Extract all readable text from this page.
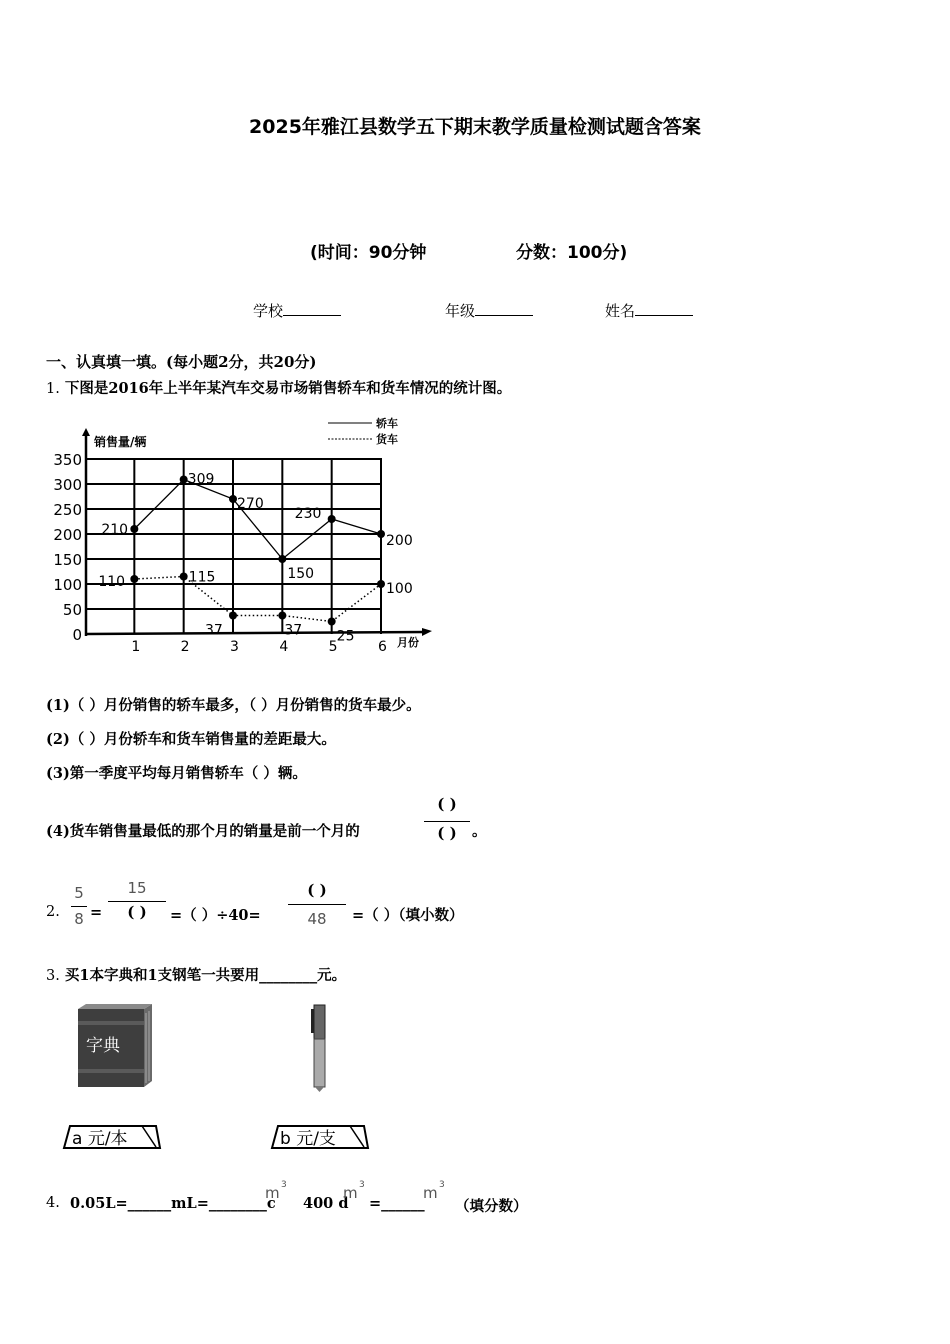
2025年雅江县数学五下期末教学质量检测试题含答案
(时间：90分钟	分数：100分)
学校	年级	姓名
一、认真填一填。(每小题2分，共20分)
1. 下图是2016年上半年某汽车交易市场销售轿车和货车情况的统计图。
0
50
100
150
200
250
300
350
销售量/辆
月份
1	2	3	4	5	6
轿车
货车
210
309
270
150
230
200
110	115
37	37 25
100
(1)（ ）月份销售的轿车最多，（ ）月份销售的货车最少。
(2)（ ）月份轿车和货车销售量的差距最大。
(3)第一季度平均每月销售轿车（ ）辆。
(4)货车销售量最低的那个月的销量是前一个月的
( )
( )	。
2.
5
8 =
15
( )	=（ ）÷40=
( )
48	=（ ）（填小数）
3. 买1本字典和1支钢笔一共要用________元。
字典
a 元/本	b 元/支
4. 0.05L=______mL=________c
m 3
400 d
m 3
=______
m 3
（填分数）
